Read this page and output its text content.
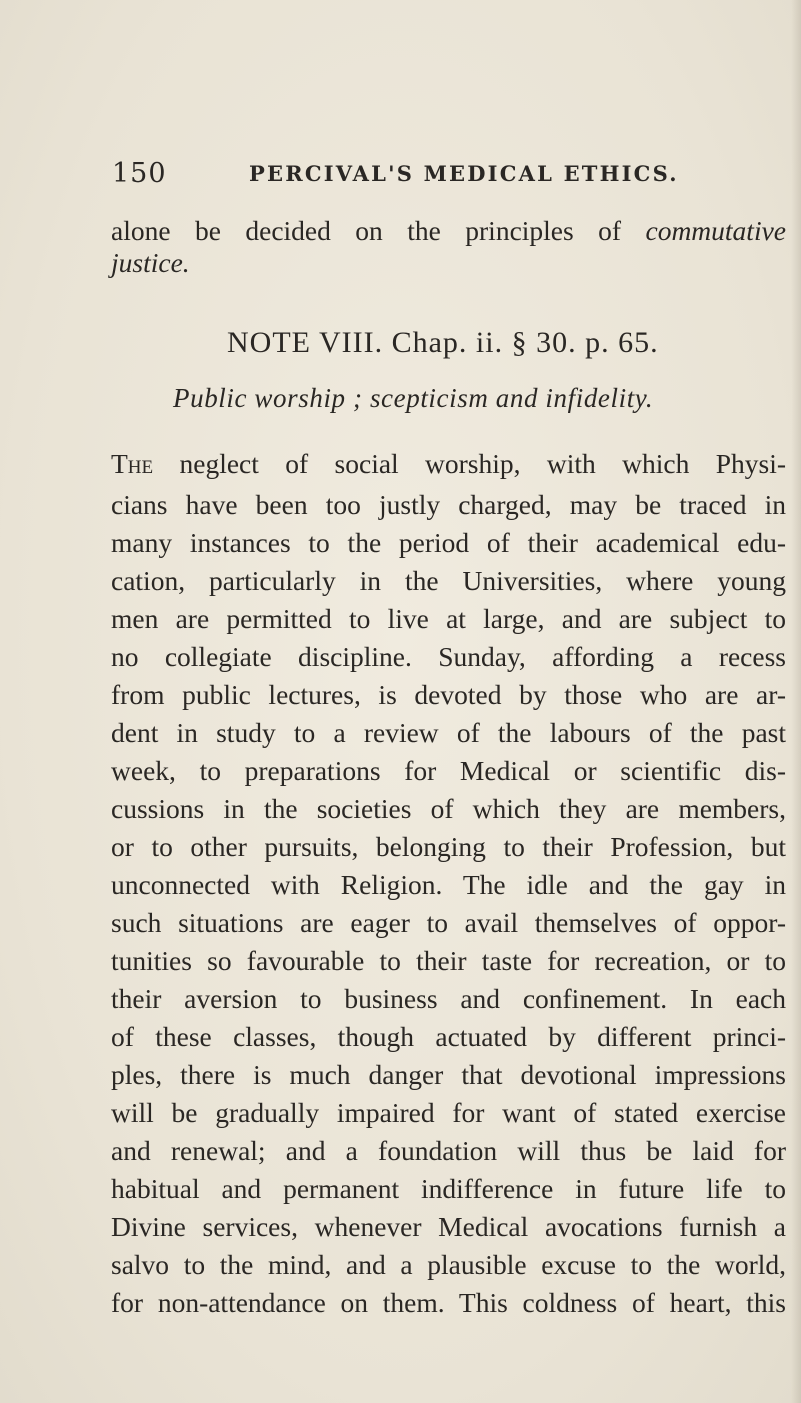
150	PERCIVAL'S MEDICAL ETHICS.
alone be decided on the principles of commutative
justice.
NOTE VIII. Chap. ii. § 30. p. 65.
Public worship ; scepticism and infidelity.
The neglect of social worship, with which Physi-
cians have been too justly charged, may be traced in
many instances to the period of their academical edu-
cation, particularly in the Universities, where young
men are permitted to live at large, and are subject to
no collegiate discipline. Sunday, affording a recess
from public lectures, is devoted by those who are ar-
dent in study to a review of the labours of the past
week, to preparations for Medical or scientific dis-
cussions in the societies of which they are members,
or to other pursuits, belonging to their Profession, but
unconnected with Religion. The idle and the gay in
such situations are eager to avail themselves of oppor-
tunities so favourable to their taste for recreation, or to
their aversion to business and confinement. In each
of these classes, though actuated by different princi-
ples, there is much danger that devotional impressions
will be gradually impaired for want of stated exercise
and renewal; and a foundation will thus be laid for
habitual and permanent indifference in future life to
Divine services, whenever Medical avocations furnish a
salvo to the mind, and a plausible excuse to the world,
for non-attendance on them. This coldness of heart, this
